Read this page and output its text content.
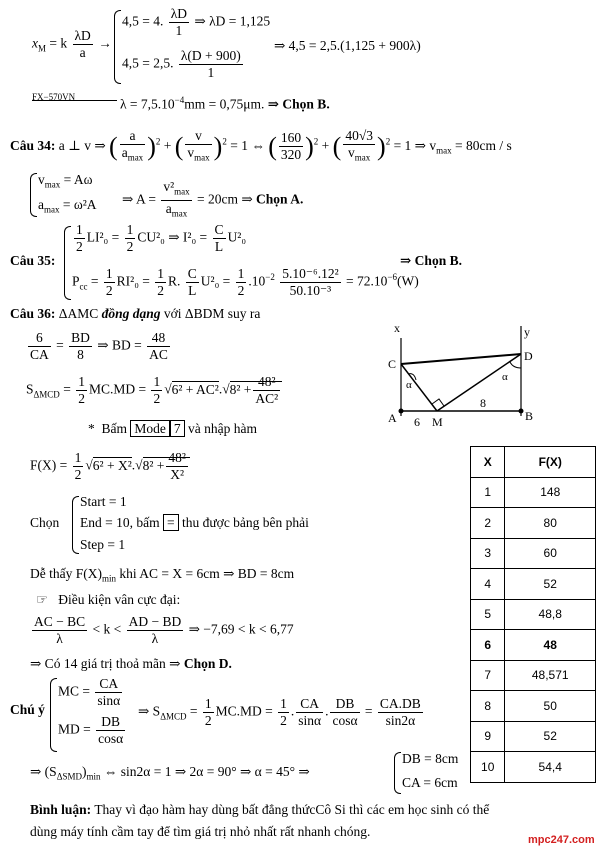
$x_M = k \frac{\lambda D}{a}$ →
4,5 = 4. $\frac{\lambda D}{1}$ ⇒ λD = 1,125
4,5 = 2,5. $\frac{\lambda(D + 900)}{1}$
⇒ 4,5 = 2,5.(1,125 + 900λ)
FX−570VN	$\lambda = 7,5.10^{-4}mm = 0,75\mu m$. ⇒ Chọn B.
Câu 34: a ⊥ v ⇒ ( $\frac{a}{a_{max}} )^2$ + ( $\frac{v}{v_{max}} )^2 = 1$ ⇔ ( $\frac{160}{320} )^2$ + ( $\frac{40√3}{v_{max}} )^2 = 1$ ⇒ $v_{max} = 80cm / s$
$v_{max} = A\omega$
$a_{max} = \omega^2A$ ⇒ $A = \frac{v^2_{max}}{a_{max}} = 20cm$ ⇒ Chọn A.
Câu 35:
$\frac{1}{2} LI^2_0 = \frac{1}{2} CU^2_0$ ⇒ $I^2_0 = \frac{C}{L} U^2_0$
$P_{cc} = \frac{1}{2} RI^2_0 = \frac{1}{2} R$. $\frac{C}{L} U^2_0 = \frac{1}{2} .10^{-2} \frac{\text{5.10⁻⁶.12²}}{\text{50.10⁻³}} = 72.10^{-6}(W)$
⇒ Chọn B.
Câu 36: ΔAMC đồng dạng với ΔBDM suy ra
$\frac{6}{CA} = \frac{BD}{8}$ ⇒ BD = $\frac{48}{AC}$
$S_{\Delta MCD} = \frac{1}{2} MC.MD = \frac{1}{2} √6^2 + AC^2.√8^2 + \frac{\text{48²}}{\text{AC²}}$
* Bấm Mode 7 và nhập hàm
$F(X) = \frac{1}{2} √6^2 + X^2.√8^2 + \frac{\text{48²}}{\text{X²}}$
Chọn
Start = 1
End = 10, bấm = thu được bảng bên phải
Step = 1
Dễ thấy $F(X)_{min}$ khi AC = X = 6cm ⇒ BD = 8cm
☞ Điều kiện vân cực đại:
$\frac{AC - BC}{\lambda} < k < \frac{AD - BD}{\lambda}$ ⇒ −7,69 < k < 6,77
⇒ Có 14 giá trị thoả mãn ⇒ Chọn D.
Chú ý
MC = $\frac{CA}{\sin\alpha}$
MD = $\frac{DB}{\cos\alpha}$
⇒ $S_{\Delta MCD} = \frac{1}{2} MC.MD = \frac{1}{2}$ . $\frac{CA}{\sin\alpha}$ . $\frac{DB}{\cos\alpha} = \frac{CA.DB}{\sin 2\alpha}$
⇒ $(S_{\Delta SMD})_{min}$ ⇔ sin2α = 1 ⇒ 2α = 90° ⇒ α = 45° ⇒
DB = 8cm
CA = 6cm
Bình luận: Thay vì đạo hàm hay dùng bất đẳng thứcCô Si thì các em học sinh có thể
dùng máy tính cầm tay để tìm giá trị nhỏ nhất rất nhanh chóng.
x	y
C
D
A	M	B
α
α
6
8
X	F(X)
1	148
2	80
3	60
4	52
5	48,8
6	48
7	48,571
8	50
9	52
10	54,4
mpc247.com
